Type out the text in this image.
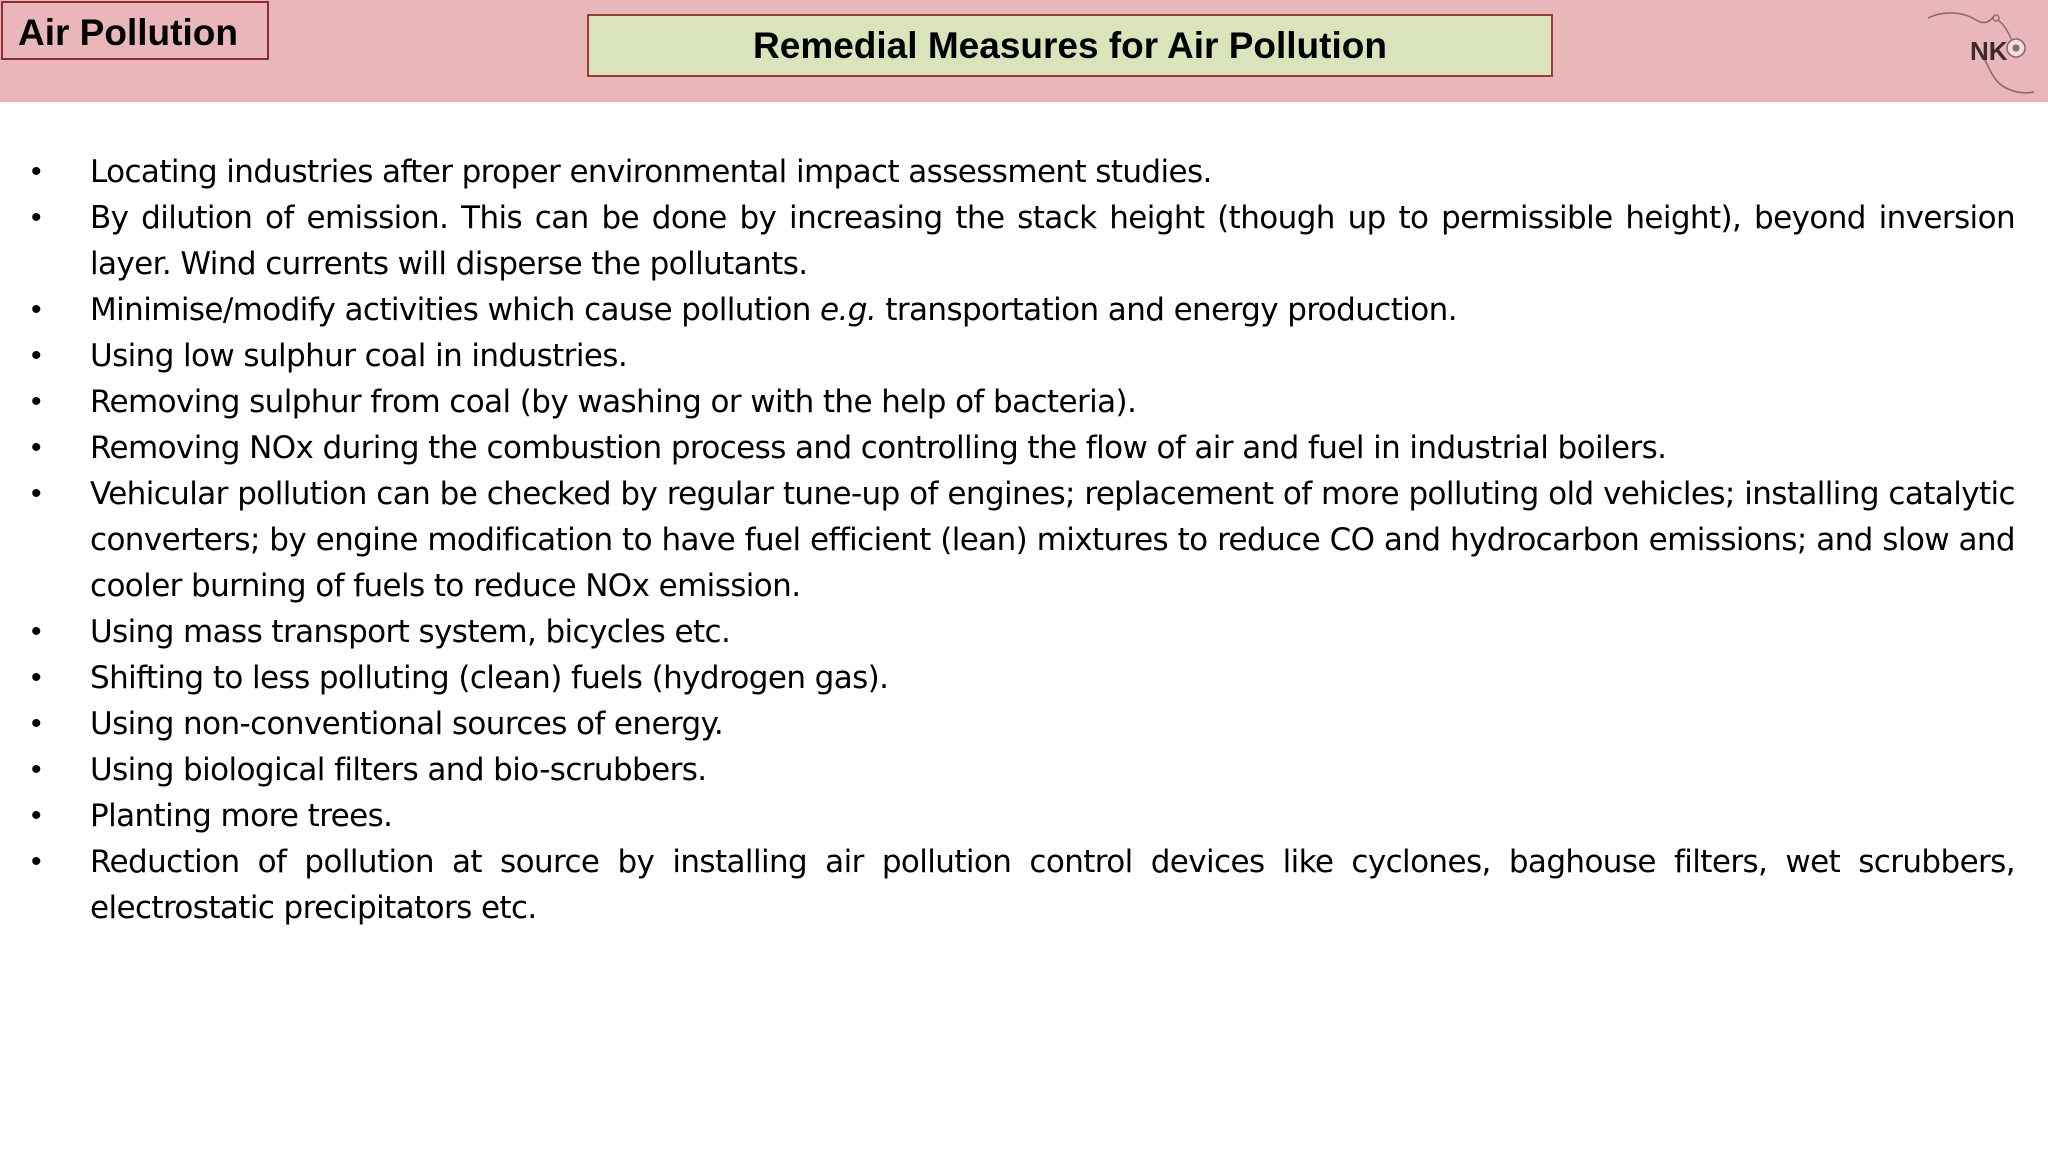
Air Pollution	Remedial Measures for Air Pollution	NK
• Locating industries after proper environmental impact assessment studies.
• By dilution of emission. This can be done by increasing the stack height (though up to permissible height), beyond inversion layer. Wind currents will disperse the pollutants.
• Minimise/modify activities which cause pollution e.g. transportation and energy production.
• Using low sulphur coal in industries.
• Removing sulphur from coal (by washing or with the help of bacteria).
• Removing NOx during the combustion process and controlling the flow of air and fuel in industrial boilers.
• Vehicular pollution can be checked by regular tune-up of engines; replacement of more polluting old vehicles; installing catalytic converters; by engine modification to have fuel efficient (lean) mixtures to reduce CO and hydrocarbon emissions; and slow and cooler burning of fuels to reduce NOx emission.
• Using mass transport system, bicycles etc.
• Shifting to less polluting (clean) fuels (hydrogen gas).
• Using non-conventional sources of energy.
• Using biological filters and bio-scrubbers.
• Planting more trees.
• Reduction of pollution at source by installing air pollution control devices like cyclones, baghouse filters, wet scrubbers, electrostatic precipitators etc.
